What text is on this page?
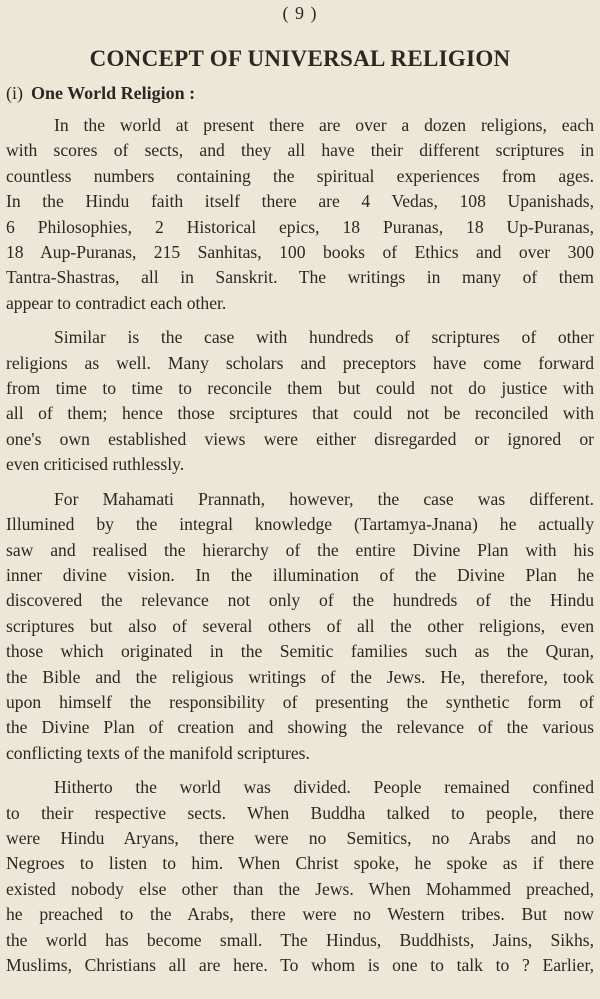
( 9 )
CONCEPT OF UNIVERSAL RELIGION
(i) One World Religion :
In the world at present there are over a dozen religions, each
with scores of sects, and they all have their different scriptures in
countless numbers containing the spiritual experiences from ages.
In the Hindu faith itself there are 4 Vedas, 108 Upanishads,
6 Philosophies, 2 Historical epics, 18 Puranas, 18 Up-Puranas,
18 Aup-Puranas, 215 Sanhitas, 100 books of Ethics and over 300
Tantra-Shastras, all in Sanskrit. The writings in many of them
appear to contradict each other.
Similar is the case with hundreds of scriptures of other
religions as well. Many scholars and preceptors have come forward
from time to time to reconcile them but could not do justice with
all of them; hence those srciptures that could not be reconciled with
one's own established views were either disregarded or ignored or
even criticised ruthlessly.
For Mahamati Prannath, however, the case was different.
Illumined by the integral knowledge (Tartamya-Jnana) he actually
saw and realised the hierarchy of the entire Divine Plan with his
inner divine vision. In the illumination of the Divine Plan he
discovered the relevance not only of the hundreds of the Hindu
scriptures but also of several others of all the other religions, even
those which originated in the Semitic families such as the Quran,
the Bible and the religious writings of the Jews. He, therefore, took
upon himself the responsibility of presenting the synthetic form of
the Divine Plan of creation and showing the relevance of the various
conflicting texts of the manifold scriptures.
Hitherto the world was divided. People remained confined
to their respective sects. When Buddha talked to people, there
were Hindu Aryans, there were no Semitics, no Arabs and no
Negroes to listen to him. When Christ spoke, he spoke as if there
existed nobody else other than the Jews. When Mohammed preached,
he preached to the Arabs, there were no Western tribes. But now
the world has become small. The Hindus, Buddhists, Jains, Sikhs,
Muslims, Christians all are here. To whom is one to talk to ? Earlier,
